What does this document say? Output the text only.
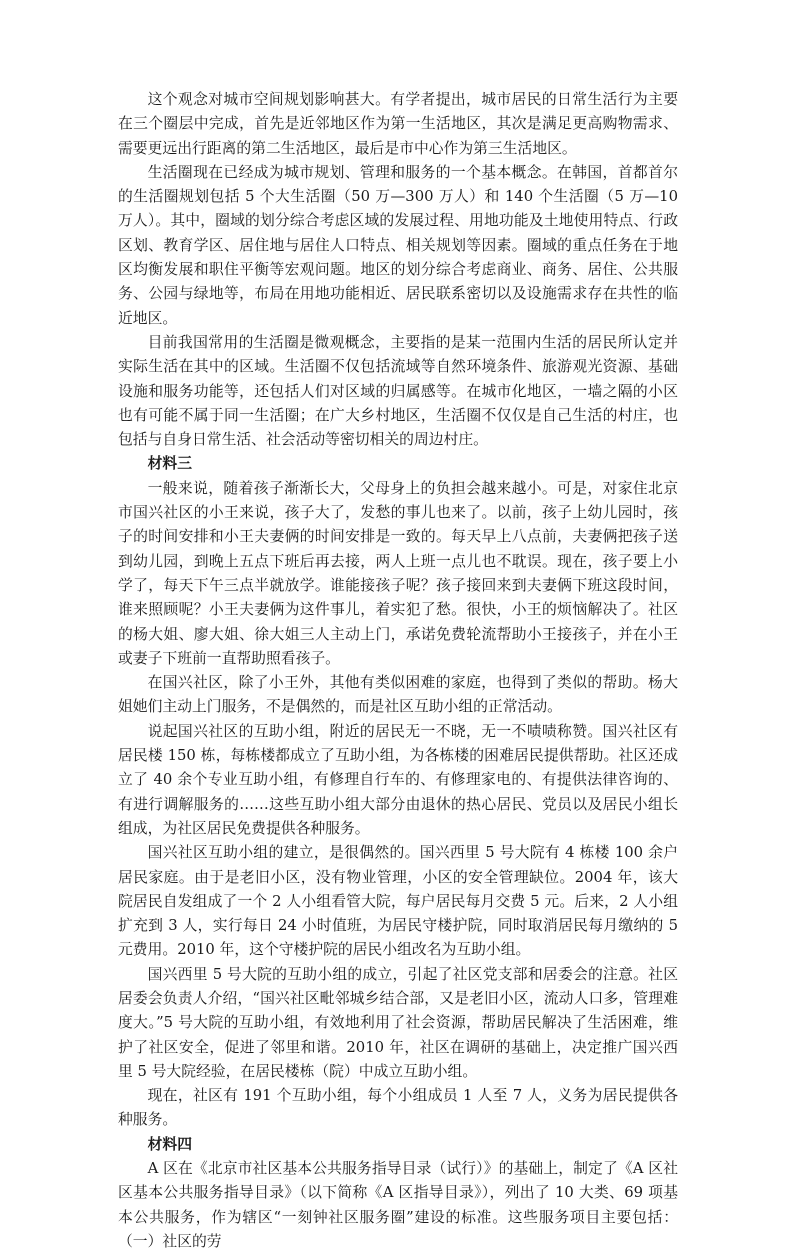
这个观念对城市空间规划影响甚大。有学者提出，城市居民的日常生活行为主要在三个圈层中完成，首先是近邻地区作为第一生活地区，其次是满足更高购物需求、需要更远出行距离的第二生活地区，最后是市中心作为第三生活地区。

生活圈现在已经成为城市规划、管理和服务的一个基本概念。在韩国，首都首尔的生活圈规划包括 5 个大生活圈（50 万—300 万人）和 140 个生活圈（5 万—10 万人）。其中，圈域的划分综合考虑区域的发展过程、用地功能及土地使用特点、行政区划、教育学区、居住地与居住人口特点、相关规划等因素。圈域的重点任务在于地区均衡发展和职住平衡等宏观问题。地区的划分综合考虑商业、商务、居住、公共服务、公园与绿地等，布局在用地功能相近、居民联系密切以及设施需求存在共性的临近地区。

目前我国常用的生活圈是微观概念，主要指的是某一范围内生活的居民所认定并实际生活在其中的区域。生活圈不仅包括流域等自然环境条件、旅游观光资源、基础设施和服务功能等，还包括人们对区域的归属感等。在城市化地区，一墙之隔的小区也有可能不属于同一生活圈；在广大乡村地区，生活圈不仅仅是自己生活的村庄，也包括与自身日常生活、社会活动等密切相关的周边村庄。

材料三

一般来说，随着孩子渐渐长大，父母身上的负担会越来越小。可是，对家住北京市国兴社区的小王来说，孩子大了，发愁的事儿也来了。以前，孩子上幼儿园时，孩子的时间安排和小王夫妻俩的时间安排是一致的。每天早上八点前，夫妻俩把孩子送到幼儿园，到晚上五点下班后再去接，两人上班一点儿也不耽误。现在，孩子要上小学了，每天下午三点半就放学。谁能接孩子呢？孩子接回来到夫妻俩下班这段时间，谁来照顾呢？小王夫妻俩为这件事儿，着实犯了愁。很快，小王的烦恼解决了。社区的杨大姐、廖大姐、徐大姐三人主动上门，承诺免费轮流帮助小王接孩子，并在小王或妻子下班前一直帮助照看孩子。

在国兴社区，除了小王外，其他有类似困难的家庭，也得到了类似的帮助。杨大姐她们主动上门服务，不是偶然的，而是社区互助小组的正常活动。

说起国兴社区的互助小组，附近的居民无一不晓，无一不啧啧称赞。国兴社区有居民楼 150 栋，每栋楼都成立了互助小组，为各栋楼的困难居民提供帮助。社区还成立了 40 余个专业互助小组，有修理自行车的、有修理家电的、有提供法律咨询的、有进行调解服务的……这些互助小组大部分由退休的热心居民、党员以及居民小组长组成，为社区居民免费提供各种服务。

国兴社区互助小组的建立，是很偶然的。国兴西里 5 号大院有 4 栋楼 100 余户居民家庭。由于是老旧小区，没有物业管理，小区的安全管理缺位。2004 年，该大院居民自发组成了一个 2 人小组看管大院，每户居民每月交费 5 元。后来，2 人小组扩充到 3 人，实行每日 24 小时值班，为居民守楼护院，同时取消居民每月缴纳的 5 元费用。2010 年，这个守楼护院的居民小组改名为互助小组。

国兴西里 5 号大院的互助小组的成立，引起了社区党支部和居委会的注意。社区居委会负责人介绍，“国兴社区毗邻城乡结合部，又是老旧小区，流动人口多，管理难度大。”5 号大院的互助小组，有效地利用了社会资源，帮助居民解决了生活困难，维护了社区安全，促进了邻里和谐。2010 年，社区在调研的基础上，决定推广国兴西里 5 号大院经验，在居民楼栋（院）中成立互助小组。

现在，社区有 191 个互助小组，每个小组成员 1 人至 7 人，义务为居民提供各种服务。

材料四

A 区在《北京市社区基本公共服务指导目录（试行）》的基础上，制定了《A 区社区基本公共服务指导目录》（以下简称《A 区指导目录》），列出了 10 大类、69 项基本公共服务，作为辖区“一刻钟社区服务圈”建设的标准。这些服务项目主要包括：（一）社区的劳
